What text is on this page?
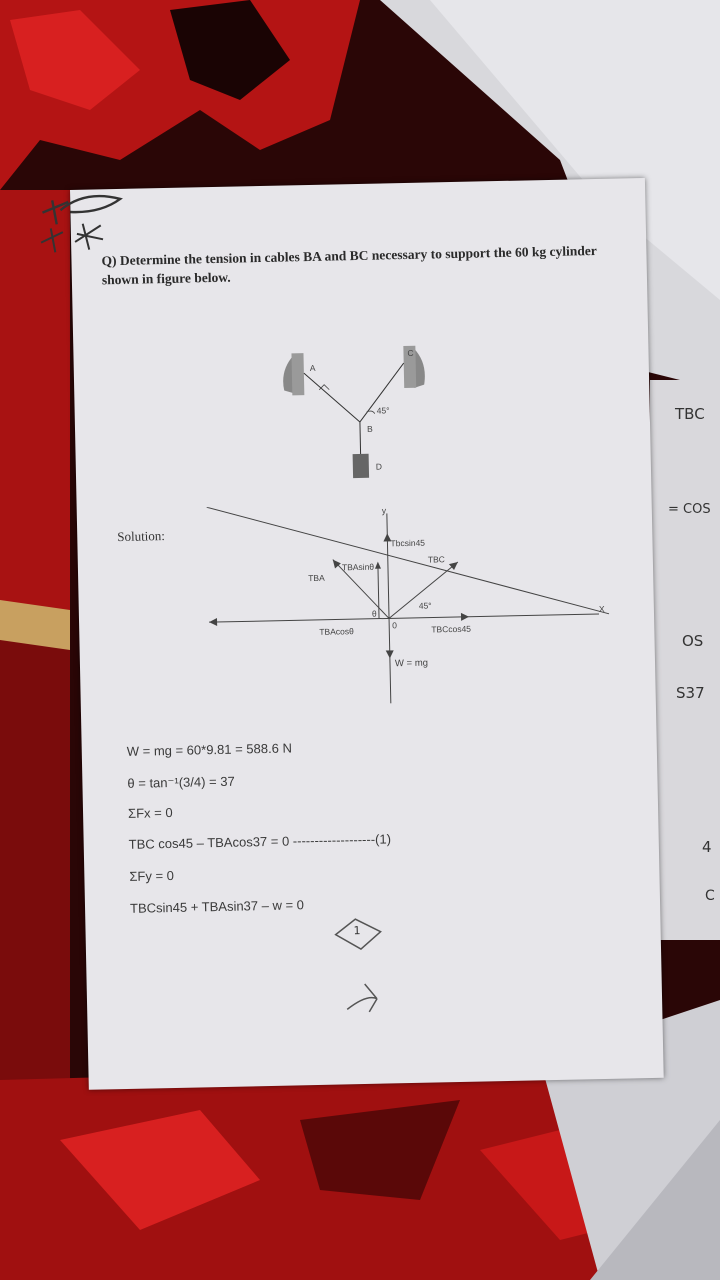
TBC
= COS
OS
S37
4
C
Q) Determine the tension in cables BA and BC necessary to support the 60 kg cylinder shown in figure below.
A
C
B
45°
D
Solution:
y
X
Tbcsin45
TBAsinθ
TBA
TBC
θ
45°
TBAcosθ
0	TBCcos45
W = mg
W = mg = 60*9.81 = 588.6 N
θ = tan⁻¹(3/4) = 37
ΣFx = 0
TBC cos45 – TBAcos37 = 0 -------------------(1)
ΣFy = 0
TBCsin45 + TBAsin37 – w = 0
1
